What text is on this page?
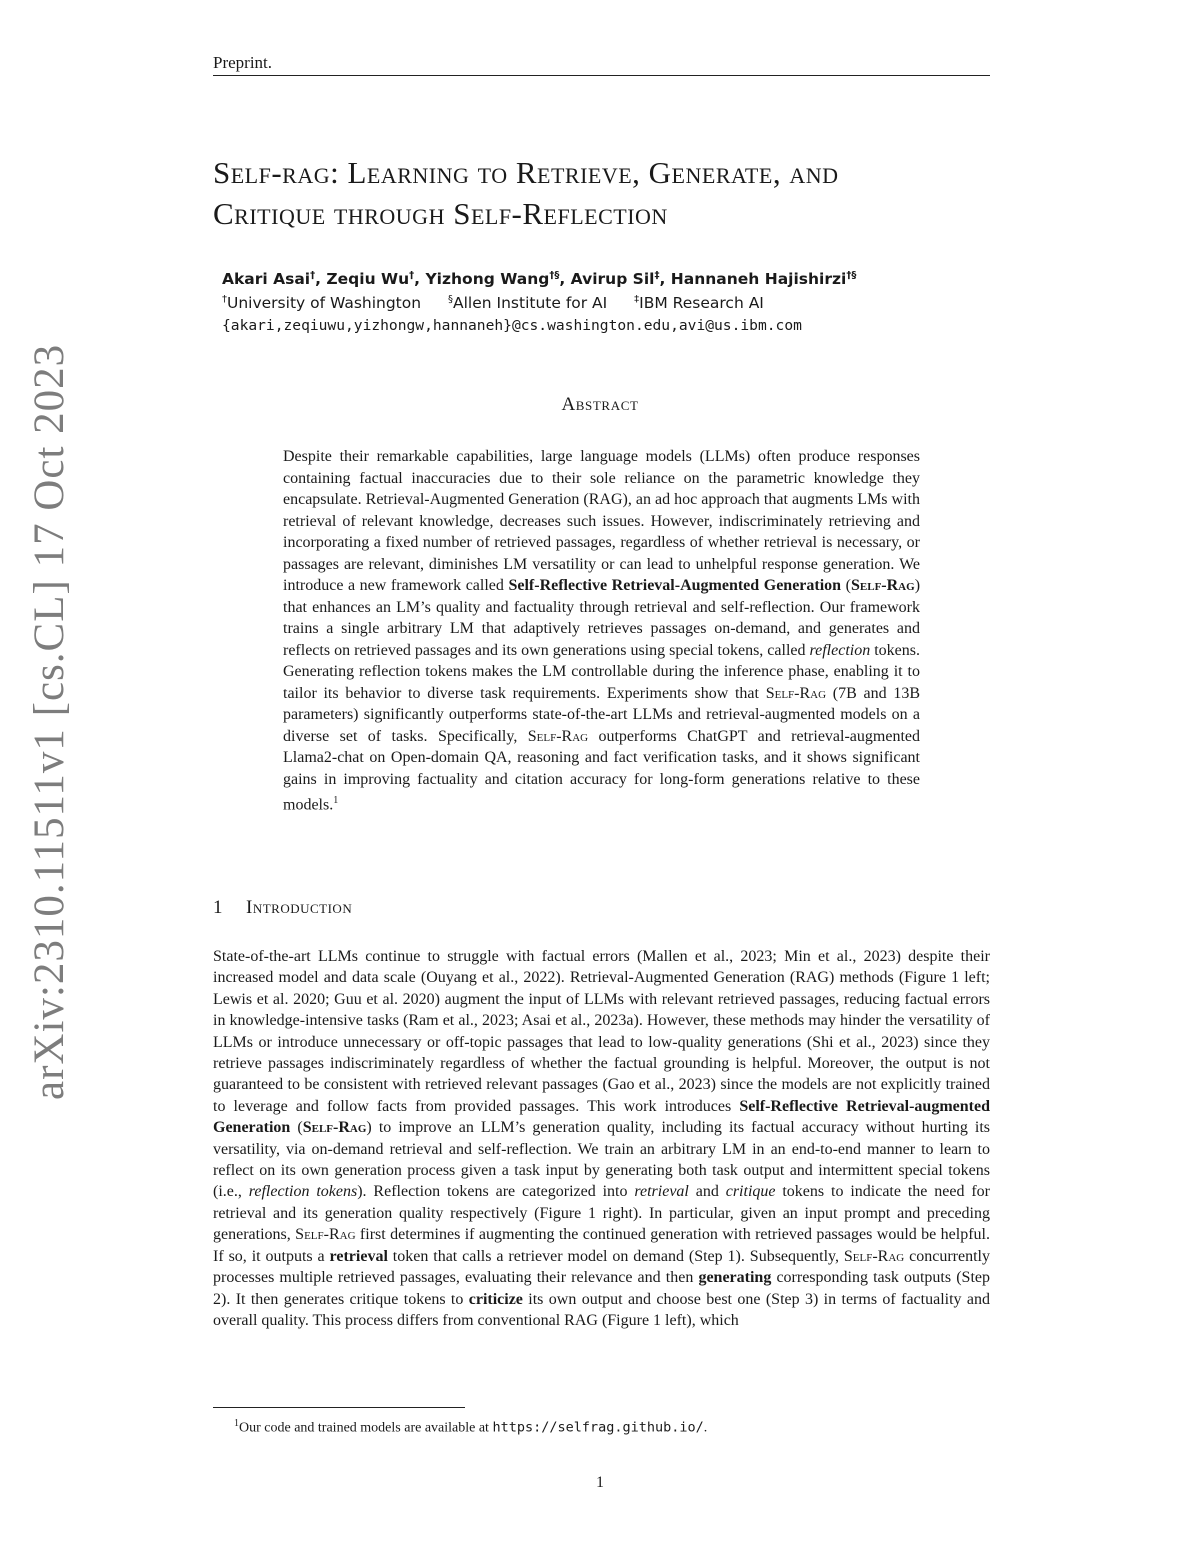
Preprint.
arXiv:2310.11511v1 [cs.CL] 17 Oct 2023
Self-rag: Learning to Retrieve, Generate, and
Critique through Self-Reflection
Akari Asai†, Zeqiu Wu†, Yizhong Wang†§, Avirup Sil‡, Hannaneh Hajishirzi†§
†University of Washington	§Allen Institute for AI	‡IBM Research AI
{akari,zeqiuwu,yizhongw,hannaneh}@cs.washington.edu,avi@us.ibm.com
Abstract
Despite their remarkable capabilities, large language models (LLMs) often produce responses containing factual inaccuracies due to their sole reliance on the parametric knowledge they encapsulate. Retrieval-Augmented Generation (RAG), an ad hoc approach that augments LMs with retrieval of relevant knowledge, decreases such issues. However, indiscriminately retrieving and incorporating a fixed number of retrieved passages, regardless of whether retrieval is necessary, or passages are relevant, diminishes LM versatility or can lead to unhelpful response generation. We introduce a new framework called Self-Reflective Retrieval-Augmented Generation (Self-Rag) that enhances an LM’s quality and factuality through retrieval and self-reflection. Our framework trains a single arbitrary LM that adaptively retrieves passages on-demand, and generates and reflects on retrieved passages and its own generations using special tokens, called reflection tokens. Generating reflection tokens makes the LM controllable during the inference phase, enabling it to tailor its behavior to diverse task requirements. Experiments show that Self-Rag (7B and 13B parameters) significantly outperforms state-of-the-art LLMs and retrieval-augmented models on a diverse set of tasks. Specifically, Self-Rag outperforms ChatGPT and retrieval-augmented Llama2-chat on Open-domain QA, reasoning and fact verification tasks, and it shows significant gains in improving factuality and citation accuracy for long-form generations relative to these models.$^1$
1 Introduction
State-of-the-art LLMs continue to struggle with factual errors (Mallen et al., 2023; Min et al., 2023) despite their increased model and data scale (Ouyang et al., 2022). Retrieval-Augmented Generation (RAG) methods (Figure 1 left; Lewis et al. 2020; Guu et al. 2020) augment the input of LLMs with relevant retrieved passages, reducing factual errors in knowledge-intensive tasks (Ram et al., 2023; Asai et al., 2023a). However, these methods may hinder the versatility of LLMs or introduce unnecessary or off-topic passages that lead to low-quality generations (Shi et al., 2023) since they retrieve passages indiscriminately regardless of whether the factual grounding is helpful. Moreover, the output is not guaranteed to be consistent with retrieved relevant passages (Gao et al., 2023) since the models are not explicitly trained to leverage and follow facts from provided passages. This work introduces Self-Reflective Retrieval-augmented Generation (Self-Rag) to improve an LLM’s generation quality, including its factual accuracy without hurting its versatility, via on-demand retrieval and self-reflection. We train an arbitrary LM in an end-to-end manner to learn to reflect on its own generation process given a task input by generating both task output and intermittent special tokens (i.e., reflection tokens). Reflection tokens are categorized into retrieval and critique tokens to indicate the need for retrieval and its generation quality respectively (Figure 1 right). In particular, given an input prompt and preceding generations, Self-Rag first determines if augmenting the continued generation with retrieved passages would be helpful. If so, it outputs a retrieval token that calls a retriever model on demand (Step 1). Subsequently, Self-Rag concurrently processes multiple retrieved passages, evaluating their relevance and then generating corresponding task outputs (Step 2). It then generates critique tokens to criticize its own output and choose best one (Step 3) in terms of factuality and overall quality. This process differs from conventional RAG (Figure 1 left), which
$^1$Our code and trained models are available at https://selfrag.github.io/.
1
